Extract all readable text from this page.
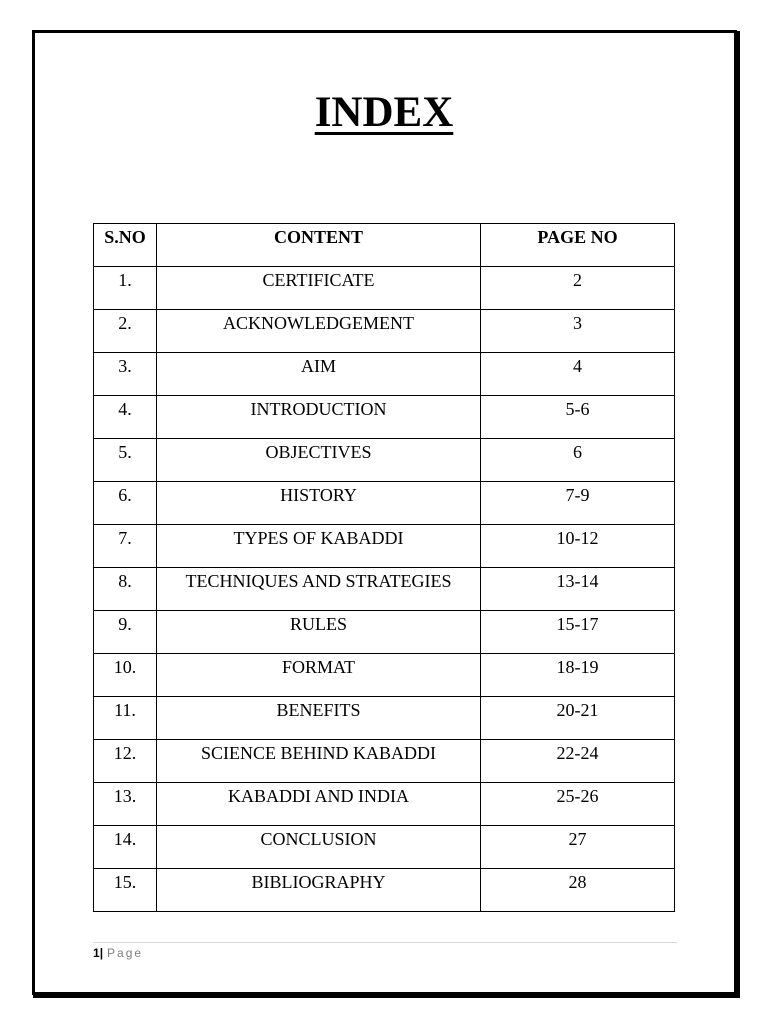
INDEX
S.NO	CONTENT	PAGE NO
1.	CERTIFICATE	2
2.	ACKNOWLEDGEMENT	3
3.	AIM	4
4.	INTRODUCTION	5-6
5.	OBJECTIVES	6
6.	HISTORY	7-9
7.	TYPES OF KABADDI	10-12
8.	TECHNIQUES AND STRATEGIES	13-14
9.	RULES	15-17
10.	FORMAT	18-19
11.	BENEFITS	20-21
12.	SCIENCE BEHIND KABADDI	22-24
13.	KABADDI AND INDIA	25-26
14.	CONCLUSION	27
15.	BIBLIOGRAPHY	28
1| Page
